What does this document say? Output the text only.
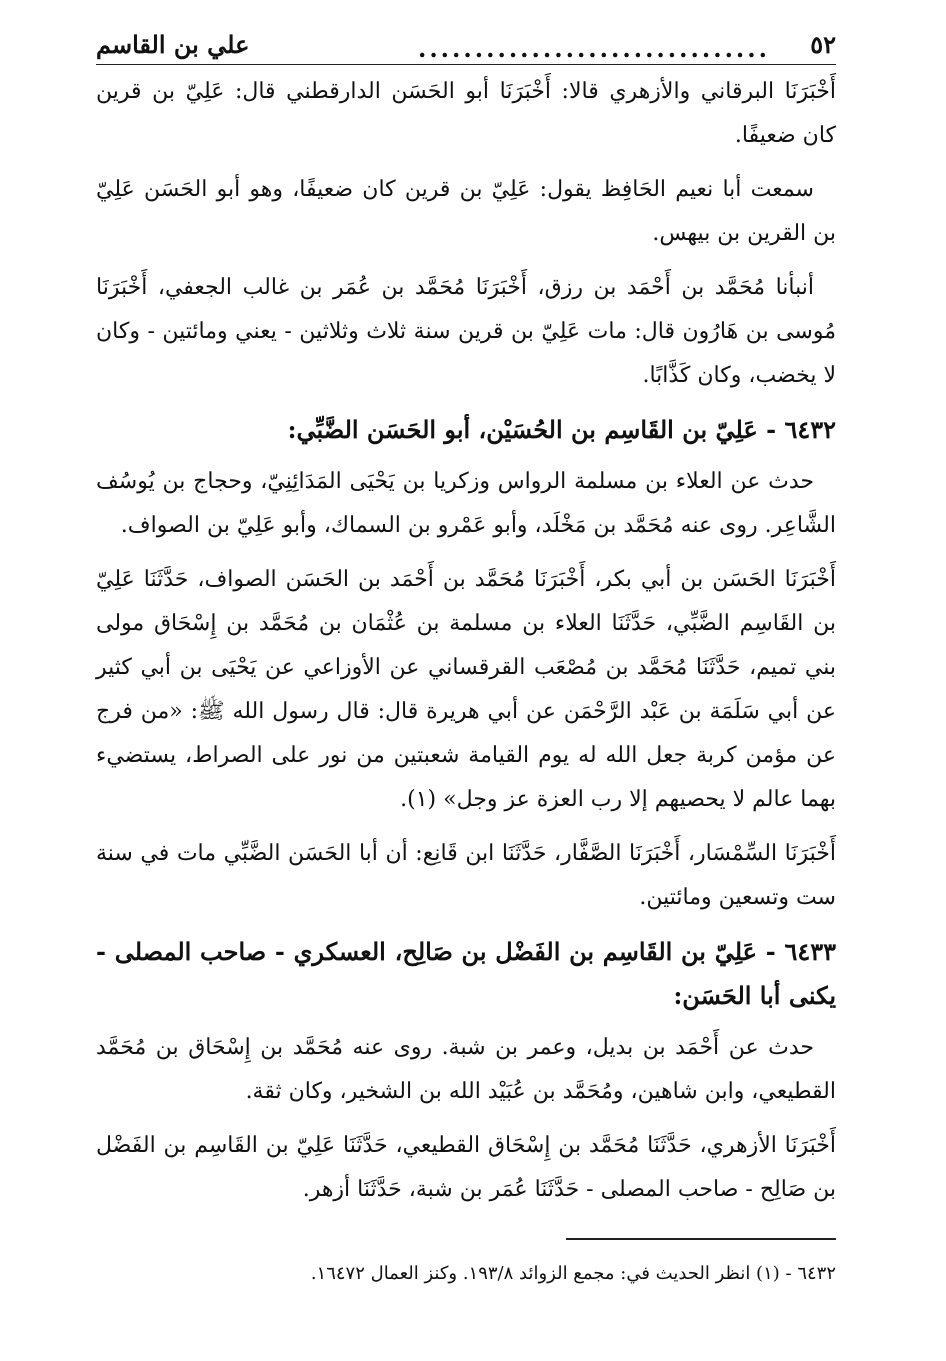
٥٢
...............................
علي بن القاسم

أَخْبَرَنَا البرقاني والأزهري قالا: أَخْبَرَنَا أبو الحَسَن الدارقطني قال: عَلِيّ بن قرين كان ضعيفًا.

سمعت أبا نعيم الحَافِظ يقول: عَلِيّ بن قرين كان ضعيفًا، وهو أبو الحَسَن عَلِيّ بن القرين بن بيهس.

أنبأنا مُحَمَّد بن أَحْمَد بن رزق، أَخْبَرَنَا مُحَمَّد بن عُمَر بن غالب الجعفي، أَخْبَرَنَا مُوسى بن هَارُون قال: مات عَلِيّ بن قرين سنة ثلاث وثلاثين - يعني ومائتين - وكان لا يخضب، وكان كَذَّابًا.

٦٤٣٢ - عَلِيّ بن القَاسِم بن الحُسَيْن، أبو الحَسَن الضَّبِّي:

حدث عن العلاء بن مسلمة الرواس وزكريا بن يَحْيَى المَدَائِنِيّ، وحجاج بن يُوسُف الشَّاعِر. روى عنه مُحَمَّد بن مَخْلَد، وأبو عَمْرو بن السماك، وأبو عَلِيّ بن الصواف.

أَخْبَرَنَا الحَسَن بن أبي بكر، أَخْبَرَنَا مُحَمَّد بن أَحْمَد بن الحَسَن الصواف، حَدَّثَنَا عَلِيّ بن القَاسِم الضَّبِّي، حَدَّثَنَا العلاء بن مسلمة بن عُثْمَان بن مُحَمَّد بن إِسْحَاق مولى بني تميم، حَدَّثَنَا مُحَمَّد بن مُصْعَب القرقساني عن الأوزاعي عن يَحْيَى بن أبي كثير عن أبي سَلَمَة بن عَبْد الرَّحْمَن عن أبي هريرة قال: قال رسول الله ﷺ: «من فرج عن مؤمن كربة جعل الله له يوم القيامة شعبتين من نور على الصراط، يستضيء بهما عالم لا يحصيهم إلا رب العزة عز وجل» (١).

أَخْبَرَنَا السِّمْسَار، أَخْبَرَنَا الصَّفَّار، حَدَّثَنَا ابن قَانِع: أن أبا الحَسَن الضَّبِّي مات في سنة ست وتسعين ومائتين.

٦٤٣٣ - عَلِيّ بن القَاسِم بن الفَضْل بن صَالِح، العسكري - صاحب المصلى - يكنى أبا الحَسَن:

حدث عن أَحْمَد بن بديل، وعمر بن شبة. روى عنه مُحَمَّد بن إِسْحَاق بن مُحَمَّد القطيعي، وابن شاهين، ومُحَمَّد بن عُبَيْد الله بن الشخير، وكان ثقة.

أَخْبَرَنَا الأزهري، حَدَّثَنَا مُحَمَّد بن إِسْحَاق القطيعي، حَدَّثَنَا عَلِيّ بن القَاسِم بن الفَضْل بن صَالِح - صاحب المصلى - حَدَّثَنَا عُمَر بن شبة، حَدَّثَنَا أزهر.

٦٤٣٢ - (١) انظر الحديث في: مجمع الزوائد ١٩٣/٨. وكنز العمال ١٦٤٧٢.
